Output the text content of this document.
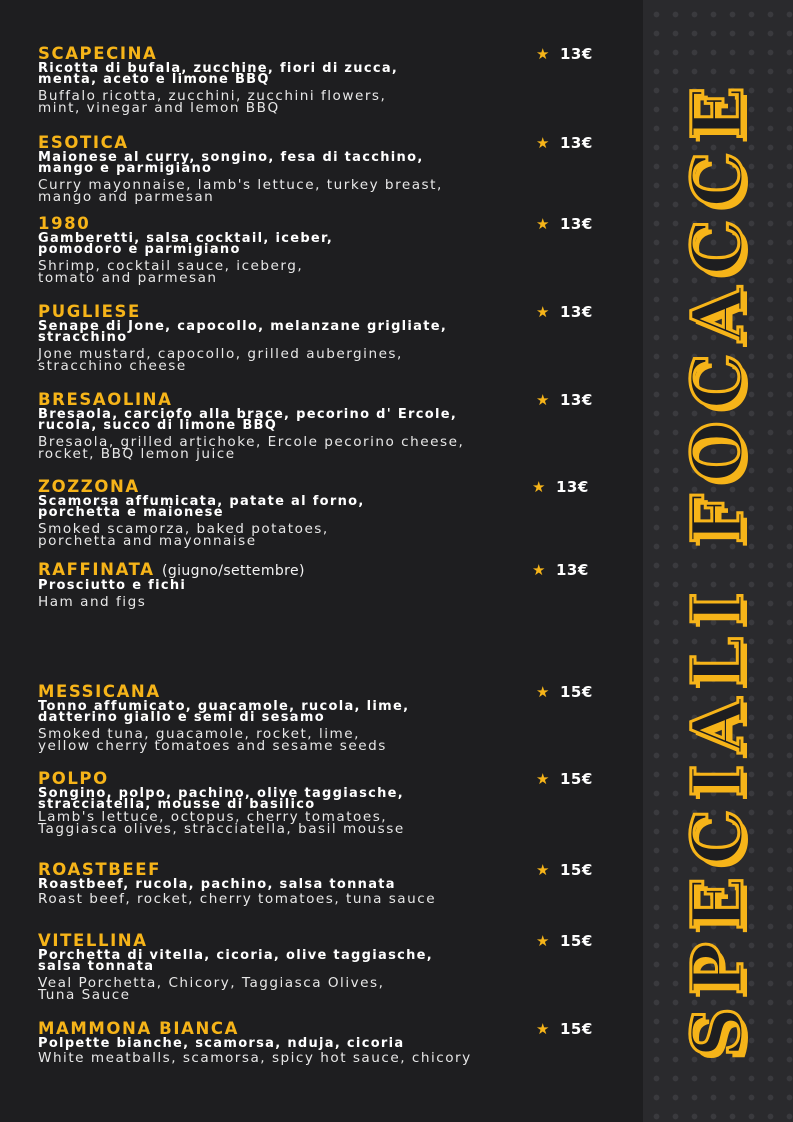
SCAPECINA
Ricotta di bufala, zucchine, fiori di zucca,
menta, aceto e limone BBQ
Buffalo ricotta, zucchini, zucchini flowers,
mint, vinegar and lemon BBQ
★ 13€
ESOTICA
Maionese al curry, songino, fesa di tacchino,
mango e parmigiano
Curry mayonnaise, lamb's lettuce, turkey breast,
mango and parmesan
★ 13€
1980
Gamberetti, salsa cocktail, iceber,
pomodoro e parmigiano
Shrimp, cocktail sauce, iceberg,
tomato and parmesan
★ 13€
PUGLIESE
Senape di Jone, capocollo, melanzane grigliate,
stracchino
Jone mustard, capocollo, grilled aubergines,
stracchino cheese
★ 13€
BRESAOLINA
Bresaola, carciofo alla brace, pecorino d' Ercole,
rucola, succo di limone BBQ
Bresaola, grilled artichoke, Ercole pecorino cheese,
rocket, BBQ lemon juice
★ 13€
ZOZZONA
Scamorsa affumicata, patate al forno,
porchetta e maionese
Smoked scamorza, baked potatoes,
porchetta and mayonnaise
★ 13€
RAFFINATA (giugno/settembre)
Prosciutto e fichi
Ham and figs
★ 13€
MESSICANA
Tonno affumicato, guacamole, rucola, lime,
datterino giallo e semi di sesamo
Smoked tuna, guacamole, rocket, lime,
yellow cherry tomatoes and sesame seeds
★ 15€
POLPO
Songino, polpo, pachino, olive taggiasche,
stracciatella, mousse di basilico
Lamb's lettuce, octopus, cherry tomatoes,
Taggiasca olives, stracciatella, basil mousse
★ 15€
ROASTBEEF
Roastbeef, rucola, pachino, salsa tonnata
Roast beef, rocket, cherry tomatoes, tuna sauce
★ 15€
VITELLINA
Porchetta di vitella, cicoria, olive taggiasche,
salsa tonnata
Veal Porchetta, Chicory, Taggiasca Olives,
Tuna Sauce
★ 15€
MAMMONA BIANCA
Polpette bianche, scamorsa, nduja, cicoria
White meatballs, scamorsa, spicy hot sauce, chicory
★ 15€ SPECIALI FOCACCE
